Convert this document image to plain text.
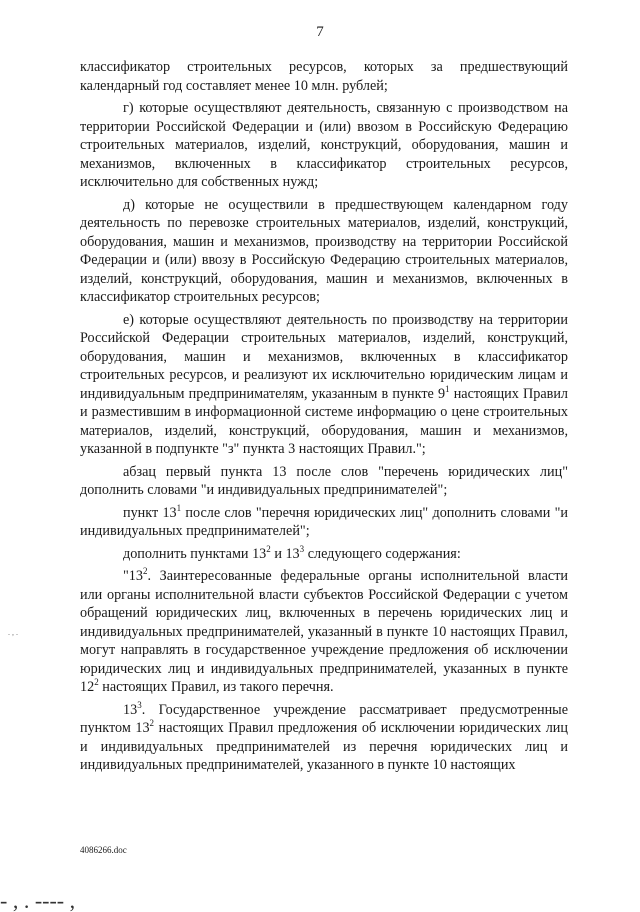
7
. , .

классификатор строительных ресурсов, которых за предшествующий календарный год составляет менее 10 млн. рублей;

г) которые осуществляют деятельность, связанную с производством на территории Российской Федерации и (или) ввозом в Российскую Федерацию строительных материалов, изделий, конструкций, оборудования, машин и механизмов, включенных в классификатор строительных ресурсов, исключительно для собственных нужд;

д) которые не осуществили в предшествующем календарном году деятельность по перевозке строительных материалов, изделий, конструкций, оборудования, машин и механизмов, производству на территории Российской Федерации и (или) ввозу в Российскую Федерацию строительных материалов, изделий, конструкций, оборудования, машин и механизмов, включенных в классификатор строительных ресурсов;

е) которые осуществляют деятельность по производству на территории Российской Федерации строительных материалов, изделий, конструкций, оборудования, машин и механизмов, включенных в классификатор строительных ресурсов, и реализуют их исключительно юридическим лицам и индивидуальным предпринимателям, указанным в пункте $9^1$ настоящих Правил и разместившим в информационной системе информацию о цене строительных материалов, изделий, конструкций, оборудования, машин и механизмов, указанной в подпункте "з" пункта 3 настоящих Правил.";

абзац первый пункта 13 после слов "перечень юридических лиц" дополнить словами "и индивидуальных предпринимателей";

пункт $13^1$ после слов "перечня юридических лиц" дополнить словами "и индивидуальных предпринимателей";

дополнить пунктами $13^2$ и $13^3$ следующего содержания:

"$13^2$. Заинтересованные федеральные органы исполнительной власти или органы исполнительной власти субъектов Российской Федерации с учетом обращений юридических лиц, включенных в перечень юридических лиц и индивидуальных предпринимателей, указанный в пункте 10 настоящих Правил, могут направлять в государственное учреждение предложения об исключении юридических лиц и индивидуальных предпринимателей, указанных в пункте $12^2$ настоящих Правил, из такого перечня.

$13^3$. Государственное учреждение рассматривает предусмотренные пунктом $13^2$ настоящих Правил предложения об исключении юридических лиц и индивидуальных предпринимателей из перечня юридических лиц и индивидуальных предпринимателей, указанного в пункте 10 настоящих

4086266.doc
- , . ---- ,
